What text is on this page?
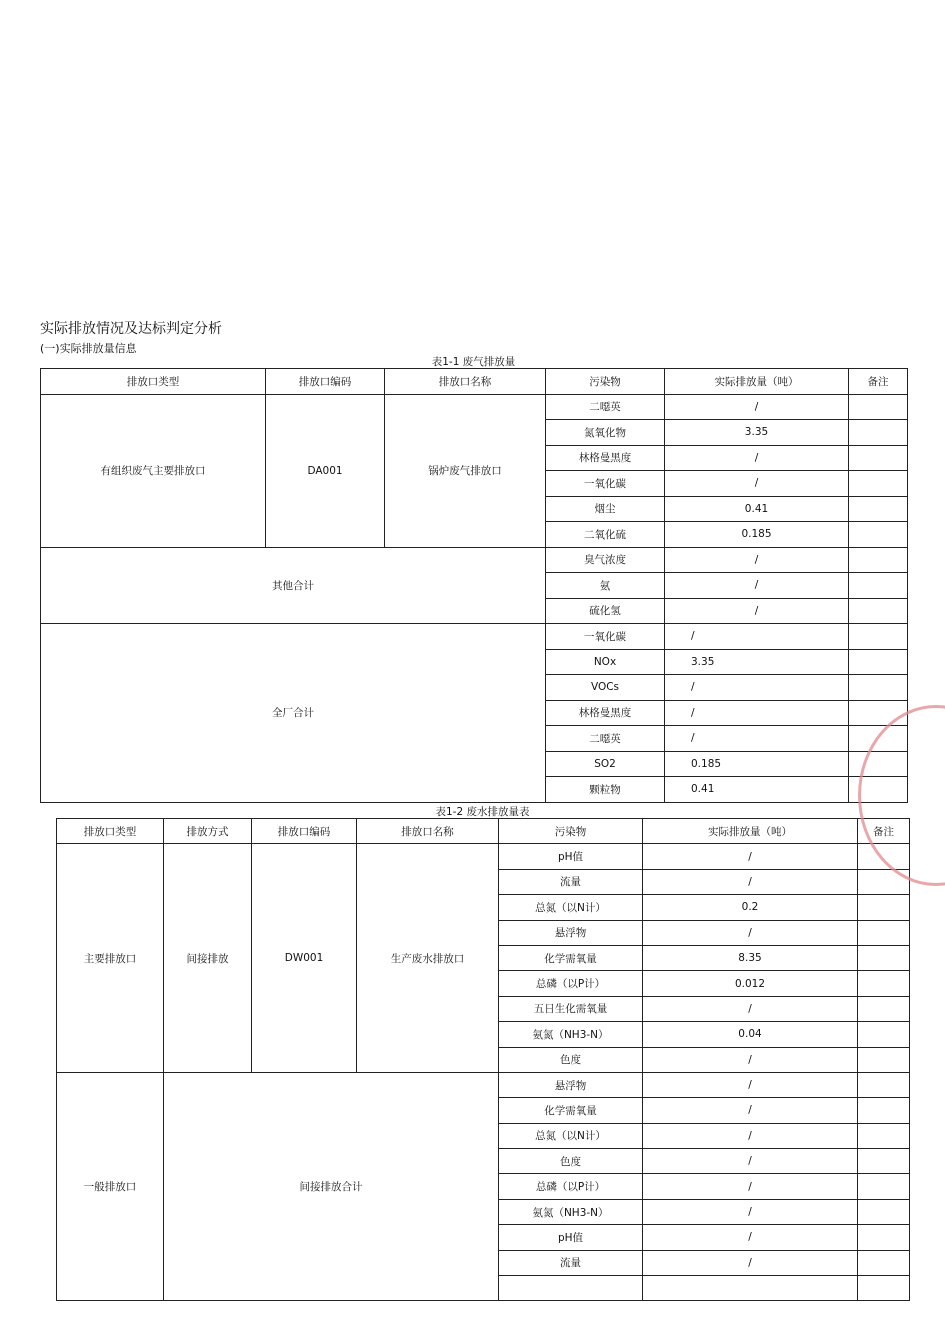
实际排放情况及达标判定分析
(一)实际排放量信息
表1-1 废气排放量
排放口类型	排放口编码	排放口名称	污染物	实际排放量（吨）	备注
有组织废气主要排放口	DA001	锅炉废气排放口	二噁英	/	
			氮氧化物	3.35	
			林格曼黑度	/	
			一氧化碳	/	
			烟尘	0.41	
			二氧化硫	0.185	
其他合计			臭气浓度	/	
			氨	/	
			硫化氢	/	
全厂合计			一氧化碳	/	
			NOx	3.35	
			VOCs	/	
			林格曼黑度	/	
			二噁英	/	
			SO2	0.185	
			颗粒物	0.41	
表1-2 废水排放量表
排放口类型	排放方式	排放口编码	排放口名称	污染物	实际排放量（吨）	备注
主要排放口	间接排放	DW001	生产废水排放口	pH值	/	
				流量	/	
				总氮（以N计）	0.2	
				悬浮物	/	
				化学需氧量	8.35	
				总磷（以P计）	0.012	
				五日生化需氧量	/	
				氨氮（NH3-N）	0.04	
				色度	/	
一般排放口	间接排放合计			悬浮物	/	
				化学需氧量	/	
				总氮（以N计）	/	
				色度	/	
				总磷（以P计）	/	
				氨氮（NH3-N）	/	
				pH值	/	
				流量	/	
